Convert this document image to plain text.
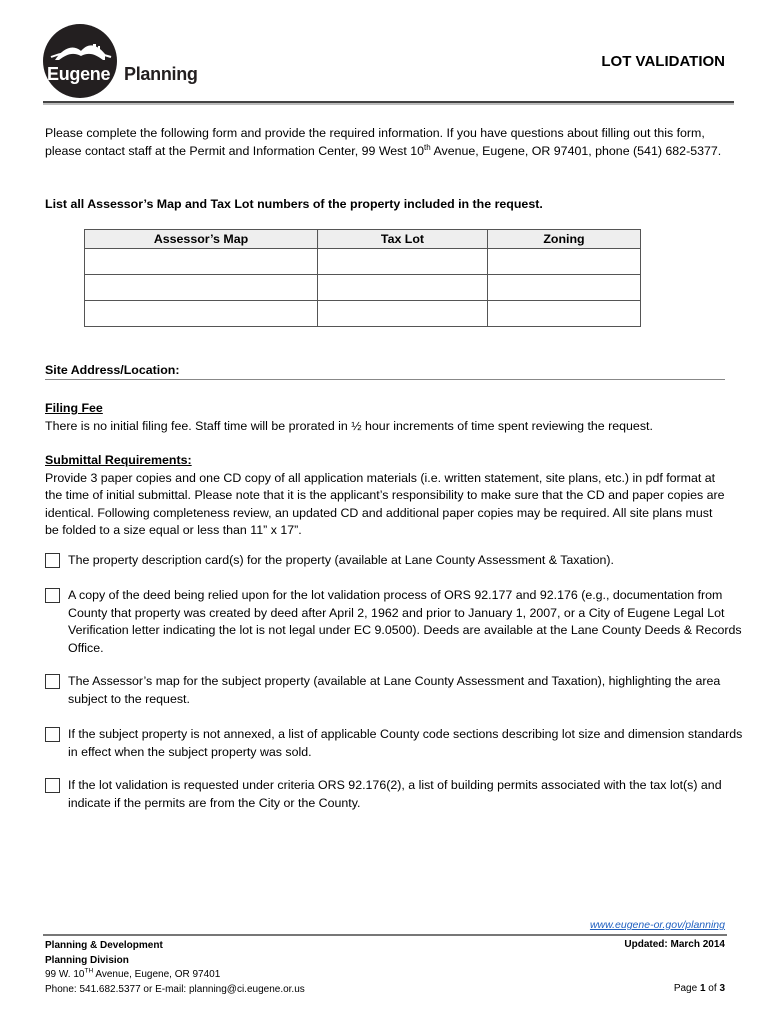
Eugene Planning
LOT VALIDATION
Please complete the following form and provide the required information. If you have questions about filling out this form, please contact staff at the Permit and Information Center, 99 West 10th Avenue, Eugene, OR 97401, phone (541) 682-5377.
List all Assessor’s Map and Tax Lot numbers of the property included in the request.
Assessor’s Map	Tax Lot	Zoning

Site Address/Location:
Filing Fee
There is no initial filing fee. Staff time will be prorated in ½ hour increments of time spent reviewing the request.
Submittal Requirements:
Provide 3 paper copies and one CD copy of all application materials (i.e. written statement, site plans, etc.) in pdf format at the time of initial submittal. Please note that it is the applicant’s responsibility to make sure that the CD and paper copies are identical. Following completeness review, an updated CD and additional paper copies may be required. All site plans must be folded to a size equal or less than 11” x 17”.
The property description card(s) for the property (available at Lane County Assessment & Taxation).
A copy of the deed being relied upon for the lot validation process of ORS 92.177 and 92.176 (e.g., documentation from County that property was created by deed after April 2, 1962 and prior to January 1, 2007, or a City of Eugene Legal Lot Verification letter indicating the lot is not legal under EC 9.0500). Deeds are available at the Lane County Deeds & Records Office.
The Assessor’s map for the subject property (available at Lane County Assessment and Taxation), highlighting the area subject to the request.
If the subject property is not annexed, a list of applicable County code sections describing lot size and dimension standards in effect when the subject property was sold.
If the lot validation is requested under criteria ORS 92.176(2), a list of building permits associated with the tax lot(s) and indicate if the permits are from the City or the County.
www.eugene-or.gov/planning
Planning & Development
Planning Division
99 W. 10TH Avenue, Eugene, OR 97401
Phone: 541.682.5377 or E-mail: planning@ci.eugene.or.us
Updated: March 2014
Page 1 of 3
